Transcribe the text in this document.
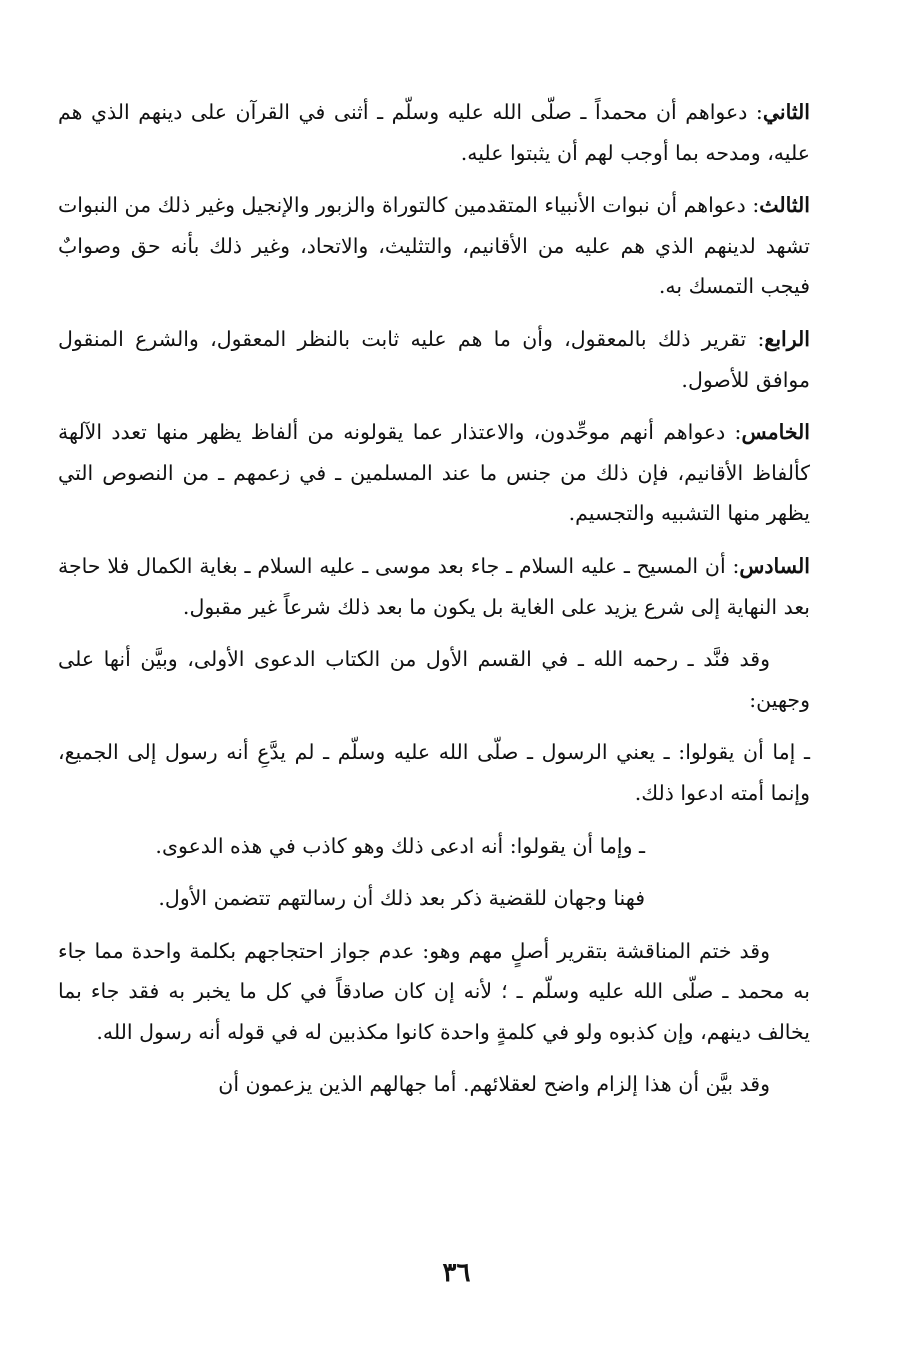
الثاني: دعواهم أن محمداً ـ صلّى الله عليه وسلّم ـ أثنى في القرآن على دينهم الذي هم عليه، ومدحه بما أوجب لهم أن يثبتوا عليه.

الثالث: دعواهم أن نبوات الأنبياء المتقدمين كالتوراة والزبور والإنجيل وغير ذلك من النبوات تشهد لدينهم الذي هم عليه من الأقانيم، والتثليث، والاتحاد، وغير ذلك بأنه حق وصوابٌ فيجب التمسك به.

الرابع: تقرير ذلك بالمعقول، وأن ما هم عليه ثابت بالنظر المعقول، والشرع المنقول موافق للأصول.

الخامس: دعواهم أنهم موحِّدون، والاعتذار عما يقولونه من ألفاظ يظهر منها تعدد الآلهة كألفاظ الأقانيم، فإن ذلك من جنس ما عند المسلمين ـ في زعمهم ـ من النصوص التي يظهر منها التشبيه والتجسيم.

السادس: أن المسيح ـ عليه السلام ـ جاء بعد موسى ـ عليه السلام ـ بغاية الكمال فلا حاجة بعد النهاية إلى شرع يزيد على الغاية بل يكون ما بعد ذلك شرعاً غير مقبول.

وقد فنَّد ـ رحمه الله ـ في القسم الأول من الكتاب الدعوى الأولى، وبيَّن أنها على وجهين:

ـ إما أن يقولوا: ـ يعني الرسول ـ صلّى الله عليه وسلّم ـ لم يدَّعِ أنه رسول إلى الجميع، وإنما أمته ادعوا ذلك.

ـ وإما أن يقولوا: أنه ادعى ذلك وهو كاذب في هذه الدعوى.

فهنا وجهان للقضية ذكر بعد ذلك أن رسالتهم تتضمن الأول.

وقد ختم المناقشة بتقرير أصلٍ مهم وهو: عدم جواز احتجاجهم بكلمة واحدة مما جاء به محمد ـ صلّى الله عليه وسلّم ـ ؛ لأنه إن كان صادقاً في كل ما يخبر به فقد جاء بما يخالف دينهم، وإن كذبوه ولو في كلمةٍ واحدة كانوا مكذبين له في قوله أنه رسول الله.

وقد بيَّن أن هذا إلزام واضح لعقلائهم. أما جهالهم الذين يزعمون أن

٣٦
